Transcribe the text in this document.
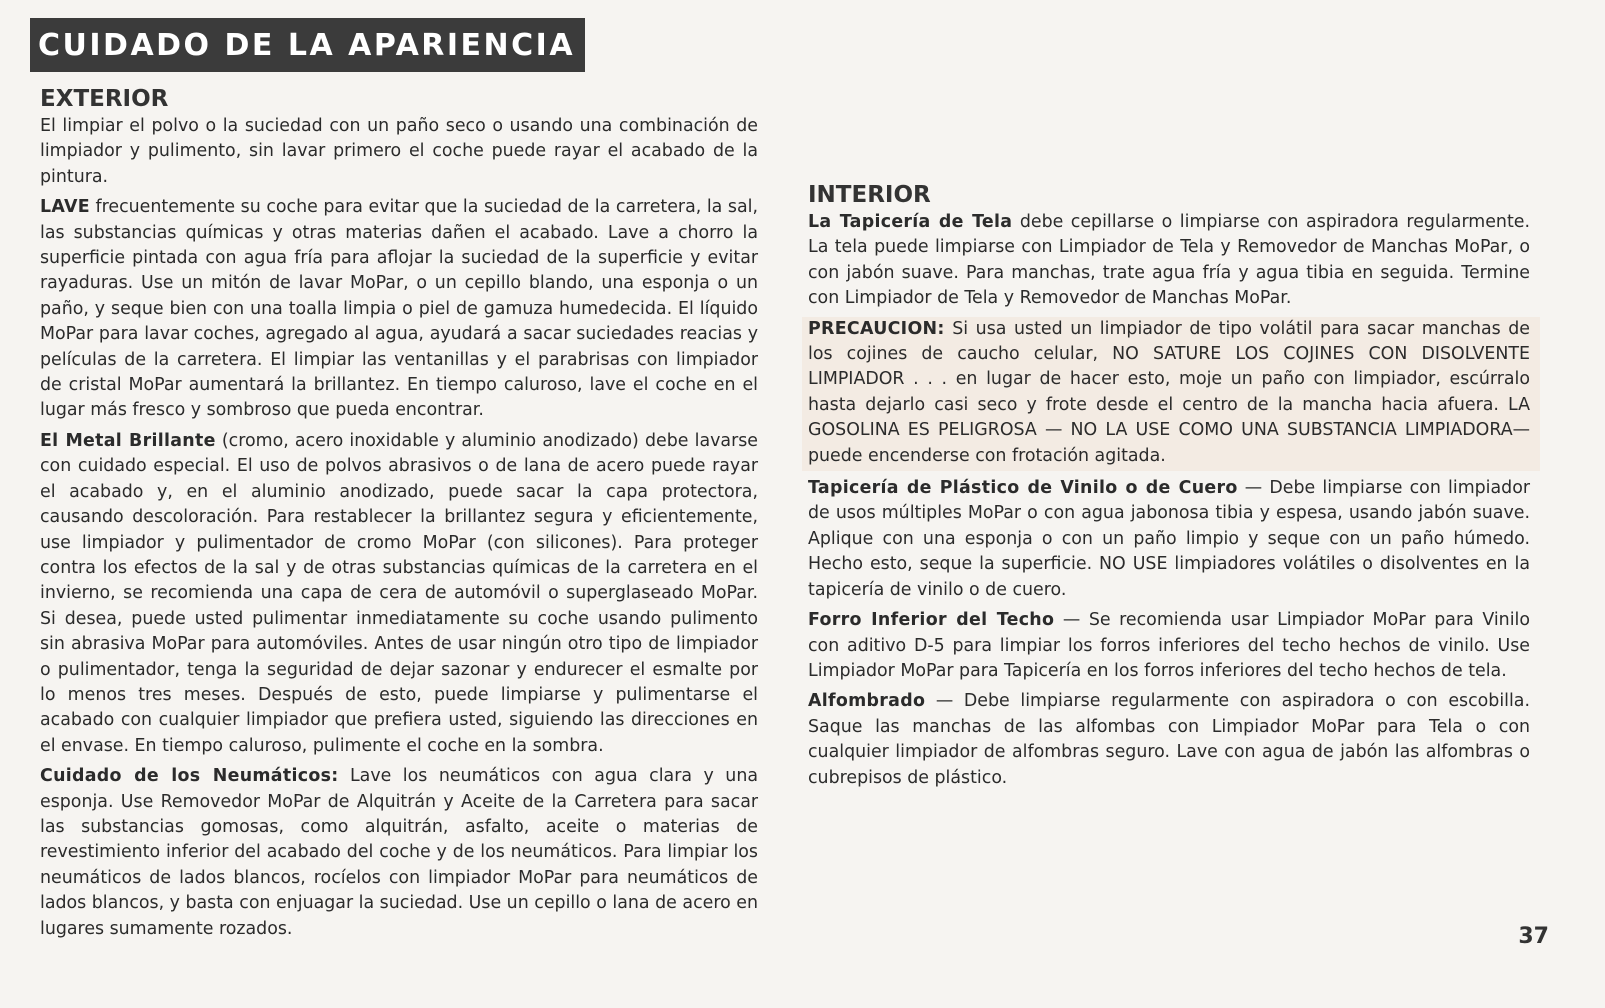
CUIDADO DE LA APARIENCIA
EXTERIOR

El limpiar el polvo o la suciedad con un paño seco o usando una combinación de limpiador y pulimento, sin lavar primero el coche puede rayar el acabado de la pintura.

LAVE frecuentemente su coche para evitar que la suciedad de la carretera, la sal, las substancias químicas y otras materias dañen el acabado. Lave a chorro la superficie pintada con agua fría para aflojar la suciedad de la superficie y evitar rayaduras. Use un mitón de lavar MoPar, o un cepillo blando, una esponja o un paño, y seque bien con una toalla limpia o piel de gamuza humedecida. El líquido MoPar para lavar coches, agregado al agua, ayudará a sacar suciedades reacias y películas de la carretera. El limpiar las ventanillas y el parabrisas con limpiador de cristal MoPar aumentará la brillantez. En tiempo caluroso, lave el coche en el lugar más fresco y sombroso que pueda encontrar.

El Metal Brillante (cromo, acero inoxidable y aluminio anodizado) debe lavarse con cuidado especial. El uso de polvos abrasivos o de lana de acero puede rayar el acabado y, en el aluminio anodizado, puede sacar la capa protectora, causando descoloración. Para restablecer la brillantez segura y eficientemente, use limpiador y pulimentador de cromo MoPar (con silicones). Para proteger contra los efectos de la sal y de otras substancias químicas de la carretera en el invierno, se recomienda una capa de cera de automóvil o superglaseado MoPar. Si desea, puede usted pulimentar inmediatamente su coche usando pulimento sin abrasiva MoPar para automóviles. Antes de usar ningún otro tipo de limpiador o pulimentador, tenga la seguridad de dejar sazonar y endurecer el esmalte por lo menos tres meses. Después de esto, puede limpiarse y pulimentarse el acabado con cualquier limpiador que prefiera usted, siguiendo las direcciones en el envase. En tiempo caluroso, pulimente el coche en la sombra.

Cuidado de los Neumáticos: Lave los neumáticos con agua clara y una esponja. Use Removedor MoPar de Alquitrán y Aceite de la Carretera para sacar las substancias gomosas, como alquitrán, asfalto, aceite o materias de revestimiento inferior del acabado del coche y de los neumáticos. Para limpiar los neumáticos de lados blancos, rocíelos con limpiador MoPar para neumáticos de lados blancos, y basta con enjuagar la suciedad. Use un cepillo o lana de acero en lugares sumamente rozados.

INTERIOR

La Tapicería de Tela debe cepillarse o limpiarse con aspiradora regularmente. La tela puede limpiarse con Limpiador de Tela y Removedor de Manchas MoPar, o con jabón suave. Para manchas, trate agua fría y agua tibia en seguida. Termine con Limpiador de Tela y Removedor de Manchas MoPar.

PRECAUCION: Si usa usted un limpiador de tipo volátil para sacar manchas de los cojines de caucho celular, NO SATURE LOS COJINES CON DISOLVENTE LIMPIADOR . . . en lugar de hacer esto, moje un paño con limpiador, escúrralo hasta dejarlo casi seco y frote desde el centro de la mancha hacia afuera. LA GOSOLINA ES PELIGROSA — NO LA USE COMO UNA SUBSTANCIA LIMPIADORA—puede encenderse con frotación agitada.

Tapicería de Plástico de Vinilo o de Cuero — Debe limpiarse con limpiador de usos múltiples MoPar o con agua jabonosa tibia y espesa, usando jabón suave. Aplique con una esponja o con un paño limpio y seque con un paño húmedo. Hecho esto, seque la superficie. NO USE limpiadores volátiles o disolventes en la tapicería de vinilo o de cuero.

Forro Inferior del Techo — Se recomienda usar Limpiador MoPar para Vinilo con aditivo D-5 para limpiar los forros inferiores del techo hechos de vinilo. Use Limpiador MoPar para Tapicería en los forros inferiores del techo hechos de tela.

Alfombrado — Debe limpiarse regularmente con aspiradora o con escobilla. Saque las manchas de las alfombas con Limpiador MoPar para Tela o con cualquier limpiador de alfombras seguro. Lave con agua de jabón las alfombras o cubrepisos de plástico.

37
